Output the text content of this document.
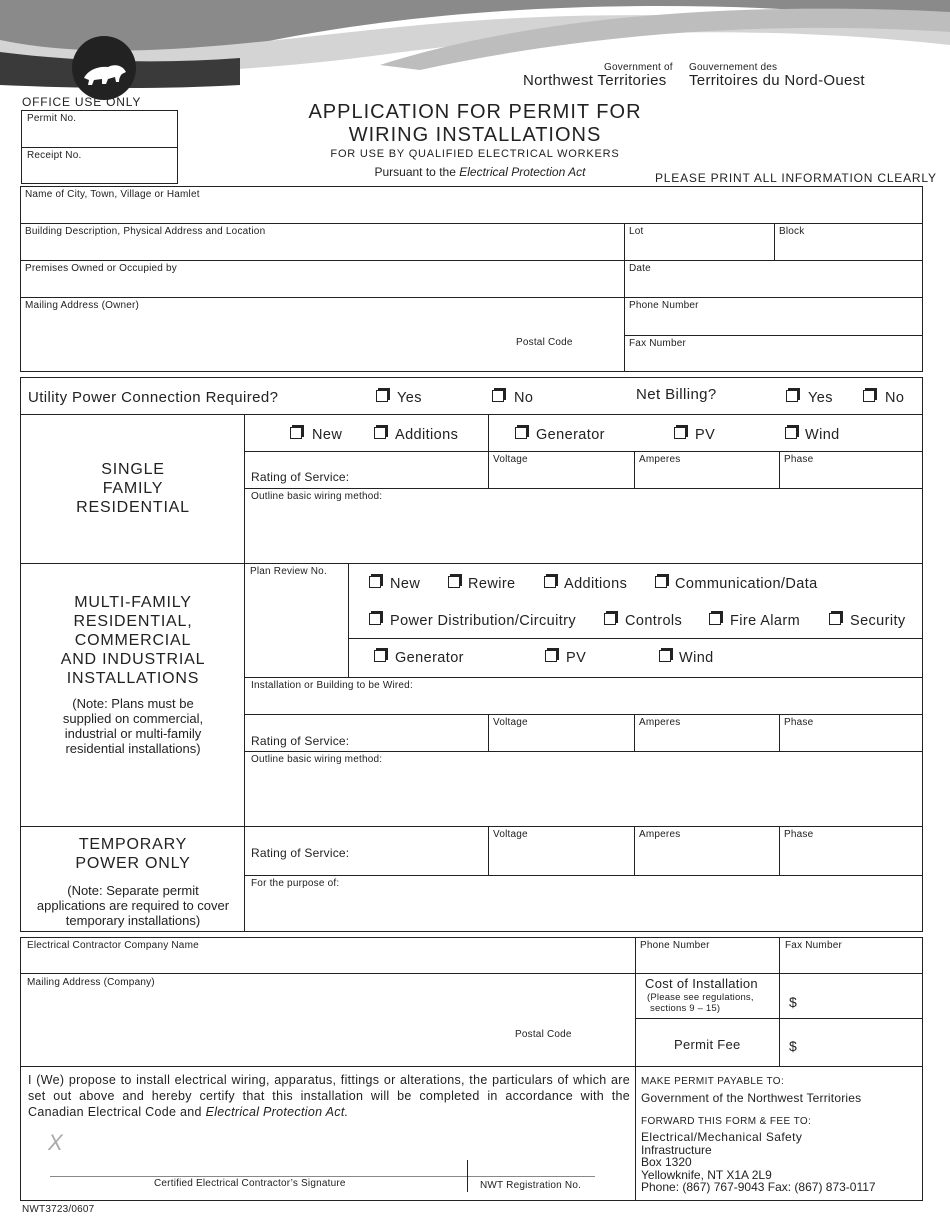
Government of
Northwest Territories
Gouvernement des
Territoires du Nord-Ouest
APPLICATION FOR PERMIT FOR
WIRING INSTALLATIONS
FOR USE BY QUALIFIED ELECTRICAL WORKERS
Pursuant to the Electrical Protection Act	PLEASE PRINT ALL INFORMATION CLEARLY
OFFICE USE ONLY
Permit No.
Receipt No.
Name of City, Town, Village or Hamlet
Building Description, Physical Address and Location	Lot	Block
Premises Owned or Occupied by	Date
Mailing Address (Owner)
Postal Code
Phone Number
Fax Number
Utility Power Connection Required?	Yes	No	Net Billing?	Yes	No
SINGLE
FAMILY
RESIDENTIAL
New	Additions	Generator	PV	Wind
Rating of Service:
Voltage	Amperes	Phase
Outline basic wiring method:
MULTI-FAMILY
RESIDENTIAL,
COMMERCIAL
AND INDUSTRIAL
INSTALLATIONS
(Note: Plans must be
supplied on commercial,
industrial or multi-family
residential installations)
Plan Review No.
New	Rewire	Additions	Communication/Data
Power Distribution/Circuitry	Controls	Fire Alarm	Security
Generator	PV	Wind
Installation or Building to be Wired:
Rating of Service:
Voltage	Amperes	Phase
Outline basic wiring method:
TEMPORARY
POWER ONLY
(Note: Separate permit
applications are required to cover
temporary installations)
Rating of Service:
Voltage	Amperes	Phase
For the purpose of:
Electrical Contractor Company Name	Phone Number	Fax Number
Mailing Address (Company)
Postal Code
Cost of Installation
(Please see regulations,
sections 9 – 15)	$
Permit Fee	$
I (We) propose to install electrical wiring, apparatus, fittings or alterations, the particulars of which are set out above and hereby certify that this installation will be completed in accordance with the Canadian Electrical Code and Electrical Protection Act.
X
Certified Electrical Contractor’s Signature	NWT Registration No.
MAKE PERMIT PAYABLE TO:
Government of the Northwest Territories
FORWARD THIS FORM & FEE TO:
Electrical/Mechanical Safety
Infrastructure
Box 1320
Yellowknife, NT X1A 2L9
Phone: (867) 767-9043 Fax: (867) 873-0117
NWT3723/0607
